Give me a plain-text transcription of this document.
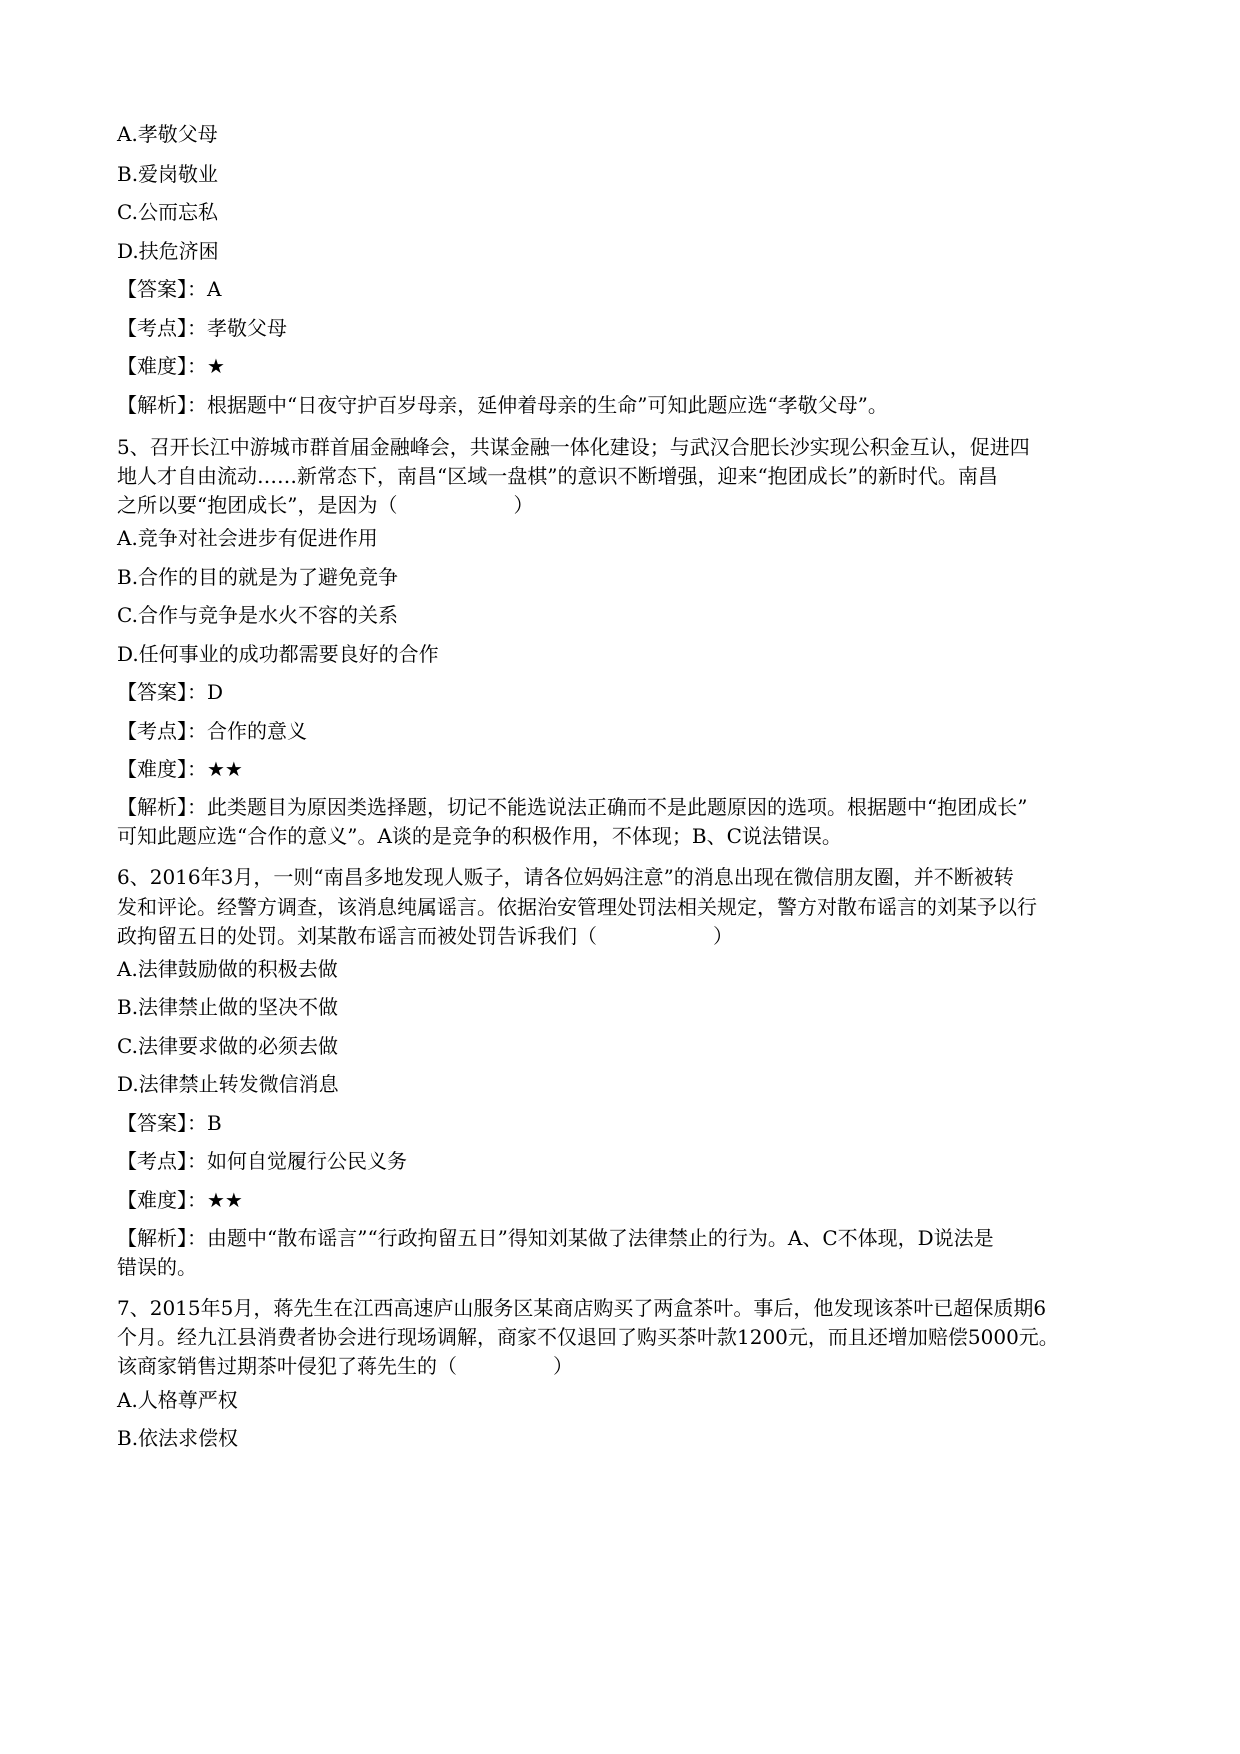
A.孝敬父母
B.爱岗敬业
C.公而忘私
D.扶危济困
【答案】：A
【考点】：孝敬父母
【难度】：★
【解析】：根据题中“日夜守护百岁母亲，延伸着母亲的生命”可知此题应选“孝敬父母”。
5、召开长江中游城市群首届金融峰会，共谋金融一体化建设；与武汉合肥长沙实现公积金互认，促进四
地人才自由流动……新常态下，南昌“区域一盘棋”的意识不断增强，迎来“抱团成长”的新时代。南昌
之所以要“抱团成长”，是因为（	）
A.竞争对社会进步有促进作用
B.合作的目的就是为了避免竞争
C.合作与竞争是水火不容的关系
D.任何事业的成功都需要良好的合作
【答案】：D
【考点】：合作的意义
【难度】：★★
【解析】：此类题目为原因类选择题，切记不能选说法正确而不是此题原因的选项。根据题中“抱团成长”
可知此题应选“合作的意义”。A谈的是竞争的积极作用，不体现；B、C说法错误。
6、2016年3月，一则“南昌多地发现人贩子，请各位妈妈注意”的消息出现在微信朋友圈，并不断被转
发和评论。经警方调查，该消息纯属谣言。依据治安管理处罚法相关规定，警方对散布谣言的刘某予以行
政拘留五日的处罚。刘某散布谣言而被处罚告诉我们（	）
A.法律鼓励做的积极去做
B.法律禁止做的坚决不做
C.法律要求做的必须去做
D.法律禁止转发微信消息
【答案】：B
【考点】：如何自觉履行公民义务
【难度】：★★
【解析】：由题中“散布谣言”“行政拘留五日”得知刘某做了法律禁止的行为。A、C不体现，D说法是
错误的。
7、2015年5月，蒋先生在江西高速庐山服务区某商店购买了两盒茶叶。事后，他发现该茶叶已超保质期6
个月。经九江县消费者协会进行现场调解，商家不仅退回了购买茶叶款1200元，而且还增加赔偿5000元。
该商家销售过期茶叶侵犯了蒋先生的（	）
A.人格尊严权
B.依法求偿权
